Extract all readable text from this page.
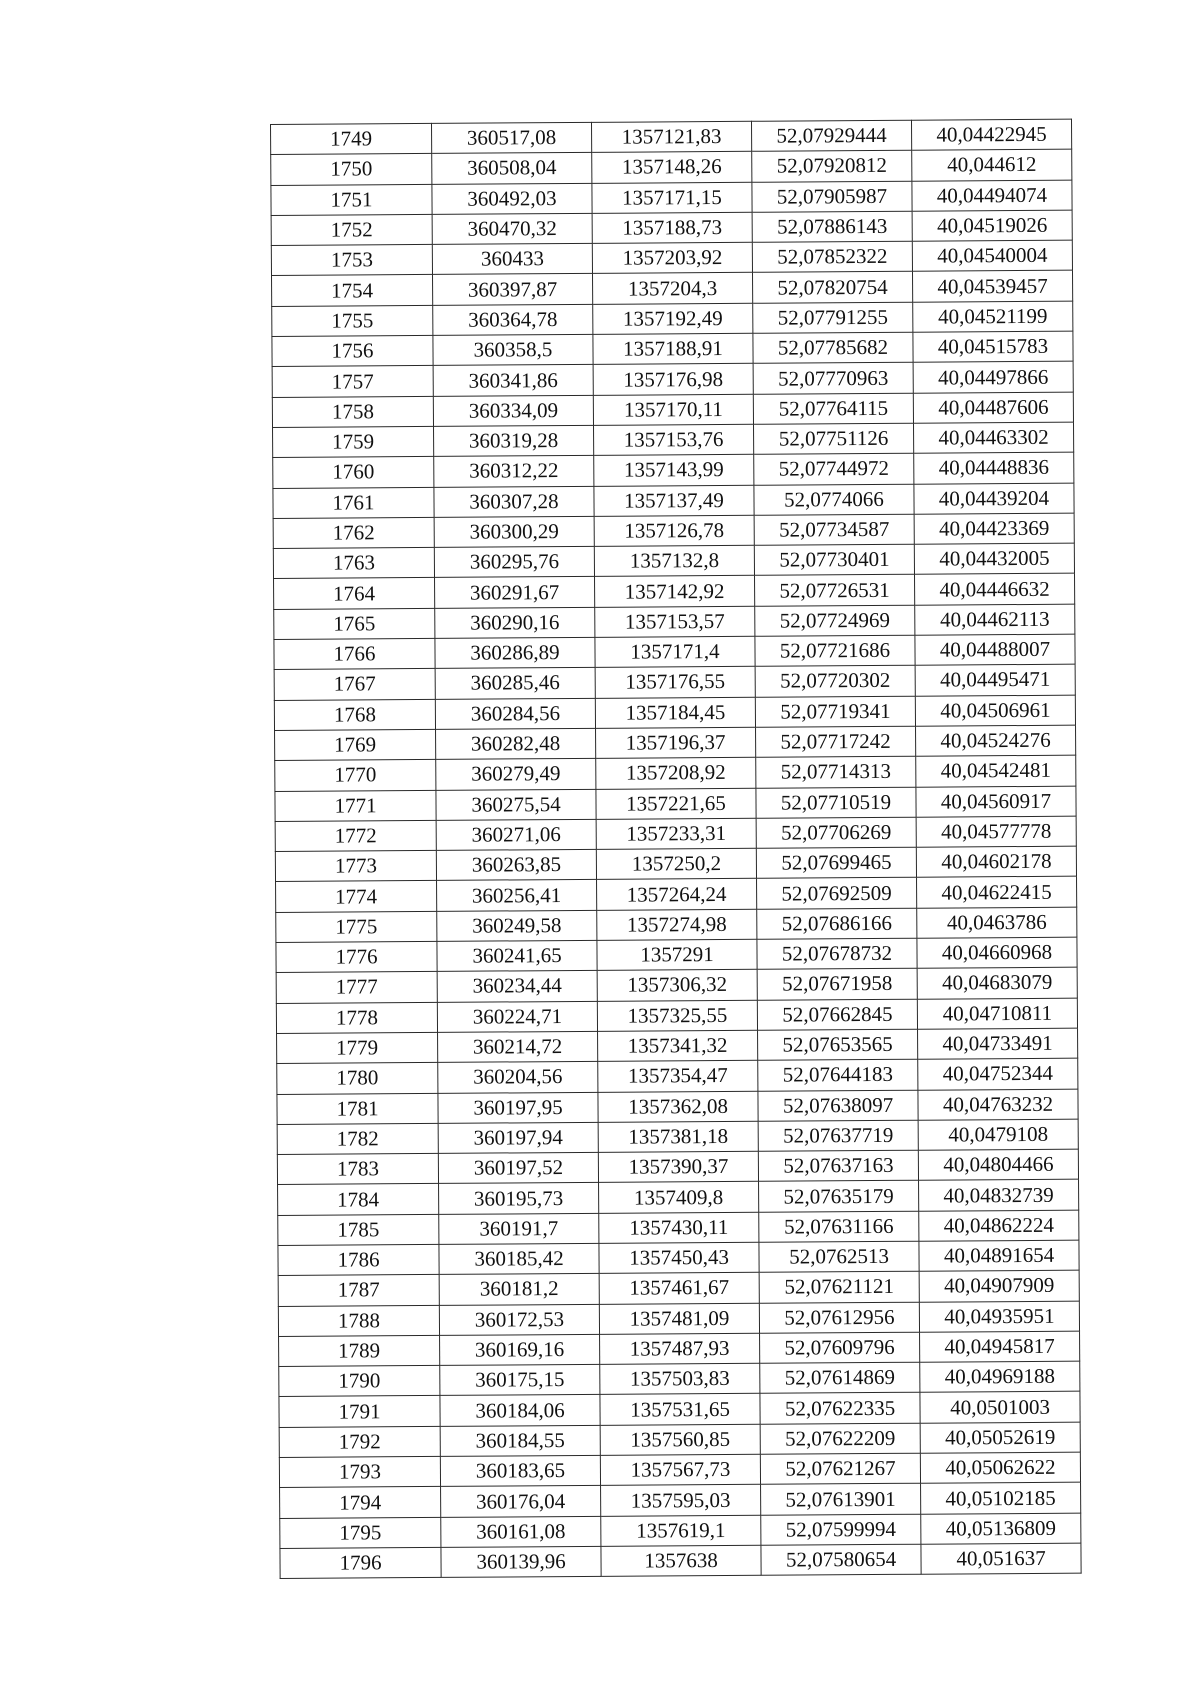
1749	360517,08	1357121,83	52,07929444	40,04422945
1750	360508,04	1357148,26	52,07920812	40,044612
1751	360492,03	1357171,15	52,07905987	40,04494074
1752	360470,32	1357188,73	52,07886143	40,04519026
1753	360433	1357203,92	52,07852322	40,04540004
1754	360397,87	1357204,3	52,07820754	40,04539457
1755	360364,78	1357192,49	52,07791255	40,04521199
1756	360358,5	1357188,91	52,07785682	40,04515783
1757	360341,86	1357176,98	52,07770963	40,04497866
1758	360334,09	1357170,11	52,07764115	40,04487606
1759	360319,28	1357153,76	52,07751126	40,04463302
1760	360312,22	1357143,99	52,07744972	40,04448836
1761	360307,28	1357137,49	52,0774066	40,04439204
1762	360300,29	1357126,78	52,07734587	40,04423369
1763	360295,76	1357132,8	52,07730401	40,04432005
1764	360291,67	1357142,92	52,07726531	40,04446632
1765	360290,16	1357153,57	52,07724969	40,04462113
1766	360286,89	1357171,4	52,07721686	40,04488007
1767	360285,46	1357176,55	52,07720302	40,04495471
1768	360284,56	1357184,45	52,07719341	40,04506961
1769	360282,48	1357196,37	52,07717242	40,04524276
1770	360279,49	1357208,92	52,07714313	40,04542481
1771	360275,54	1357221,65	52,07710519	40,04560917
1772	360271,06	1357233,31	52,07706269	40,04577778
1773	360263,85	1357250,2	52,07699465	40,04602178
1774	360256,41	1357264,24	52,07692509	40,04622415
1775	360249,58	1357274,98	52,07686166	40,0463786
1776	360241,65	1357291	52,07678732	40,04660968
1777	360234,44	1357306,32	52,07671958	40,04683079
1778	360224,71	1357325,55	52,07662845	40,04710811
1779	360214,72	1357341,32	52,07653565	40,04733491
1780	360204,56	1357354,47	52,07644183	40,04752344
1781	360197,95	1357362,08	52,07638097	40,04763232
1782	360197,94	1357381,18	52,07637719	40,0479108
1783	360197,52	1357390,37	52,07637163	40,04804466
1784	360195,73	1357409,8	52,07635179	40,04832739
1785	360191,7	1357430,11	52,07631166	40,04862224
1786	360185,42	1357450,43	52,0762513	40,04891654
1787	360181,2	1357461,67	52,07621121	40,04907909
1788	360172,53	1357481,09	52,07612956	40,04935951
1789	360169,16	1357487,93	52,07609796	40,04945817
1790	360175,15	1357503,83	52,07614869	40,04969188
1791	360184,06	1357531,65	52,07622335	40,0501003
1792	360184,55	1357560,85	52,07622209	40,05052619
1793	360183,65	1357567,73	52,07621267	40,05062622
1794	360176,04	1357595,03	52,07613901	40,05102185
1795	360161,08	1357619,1	52,07599994	40,05136809
1796	360139,96	1357638	52,07580654	40,051637
